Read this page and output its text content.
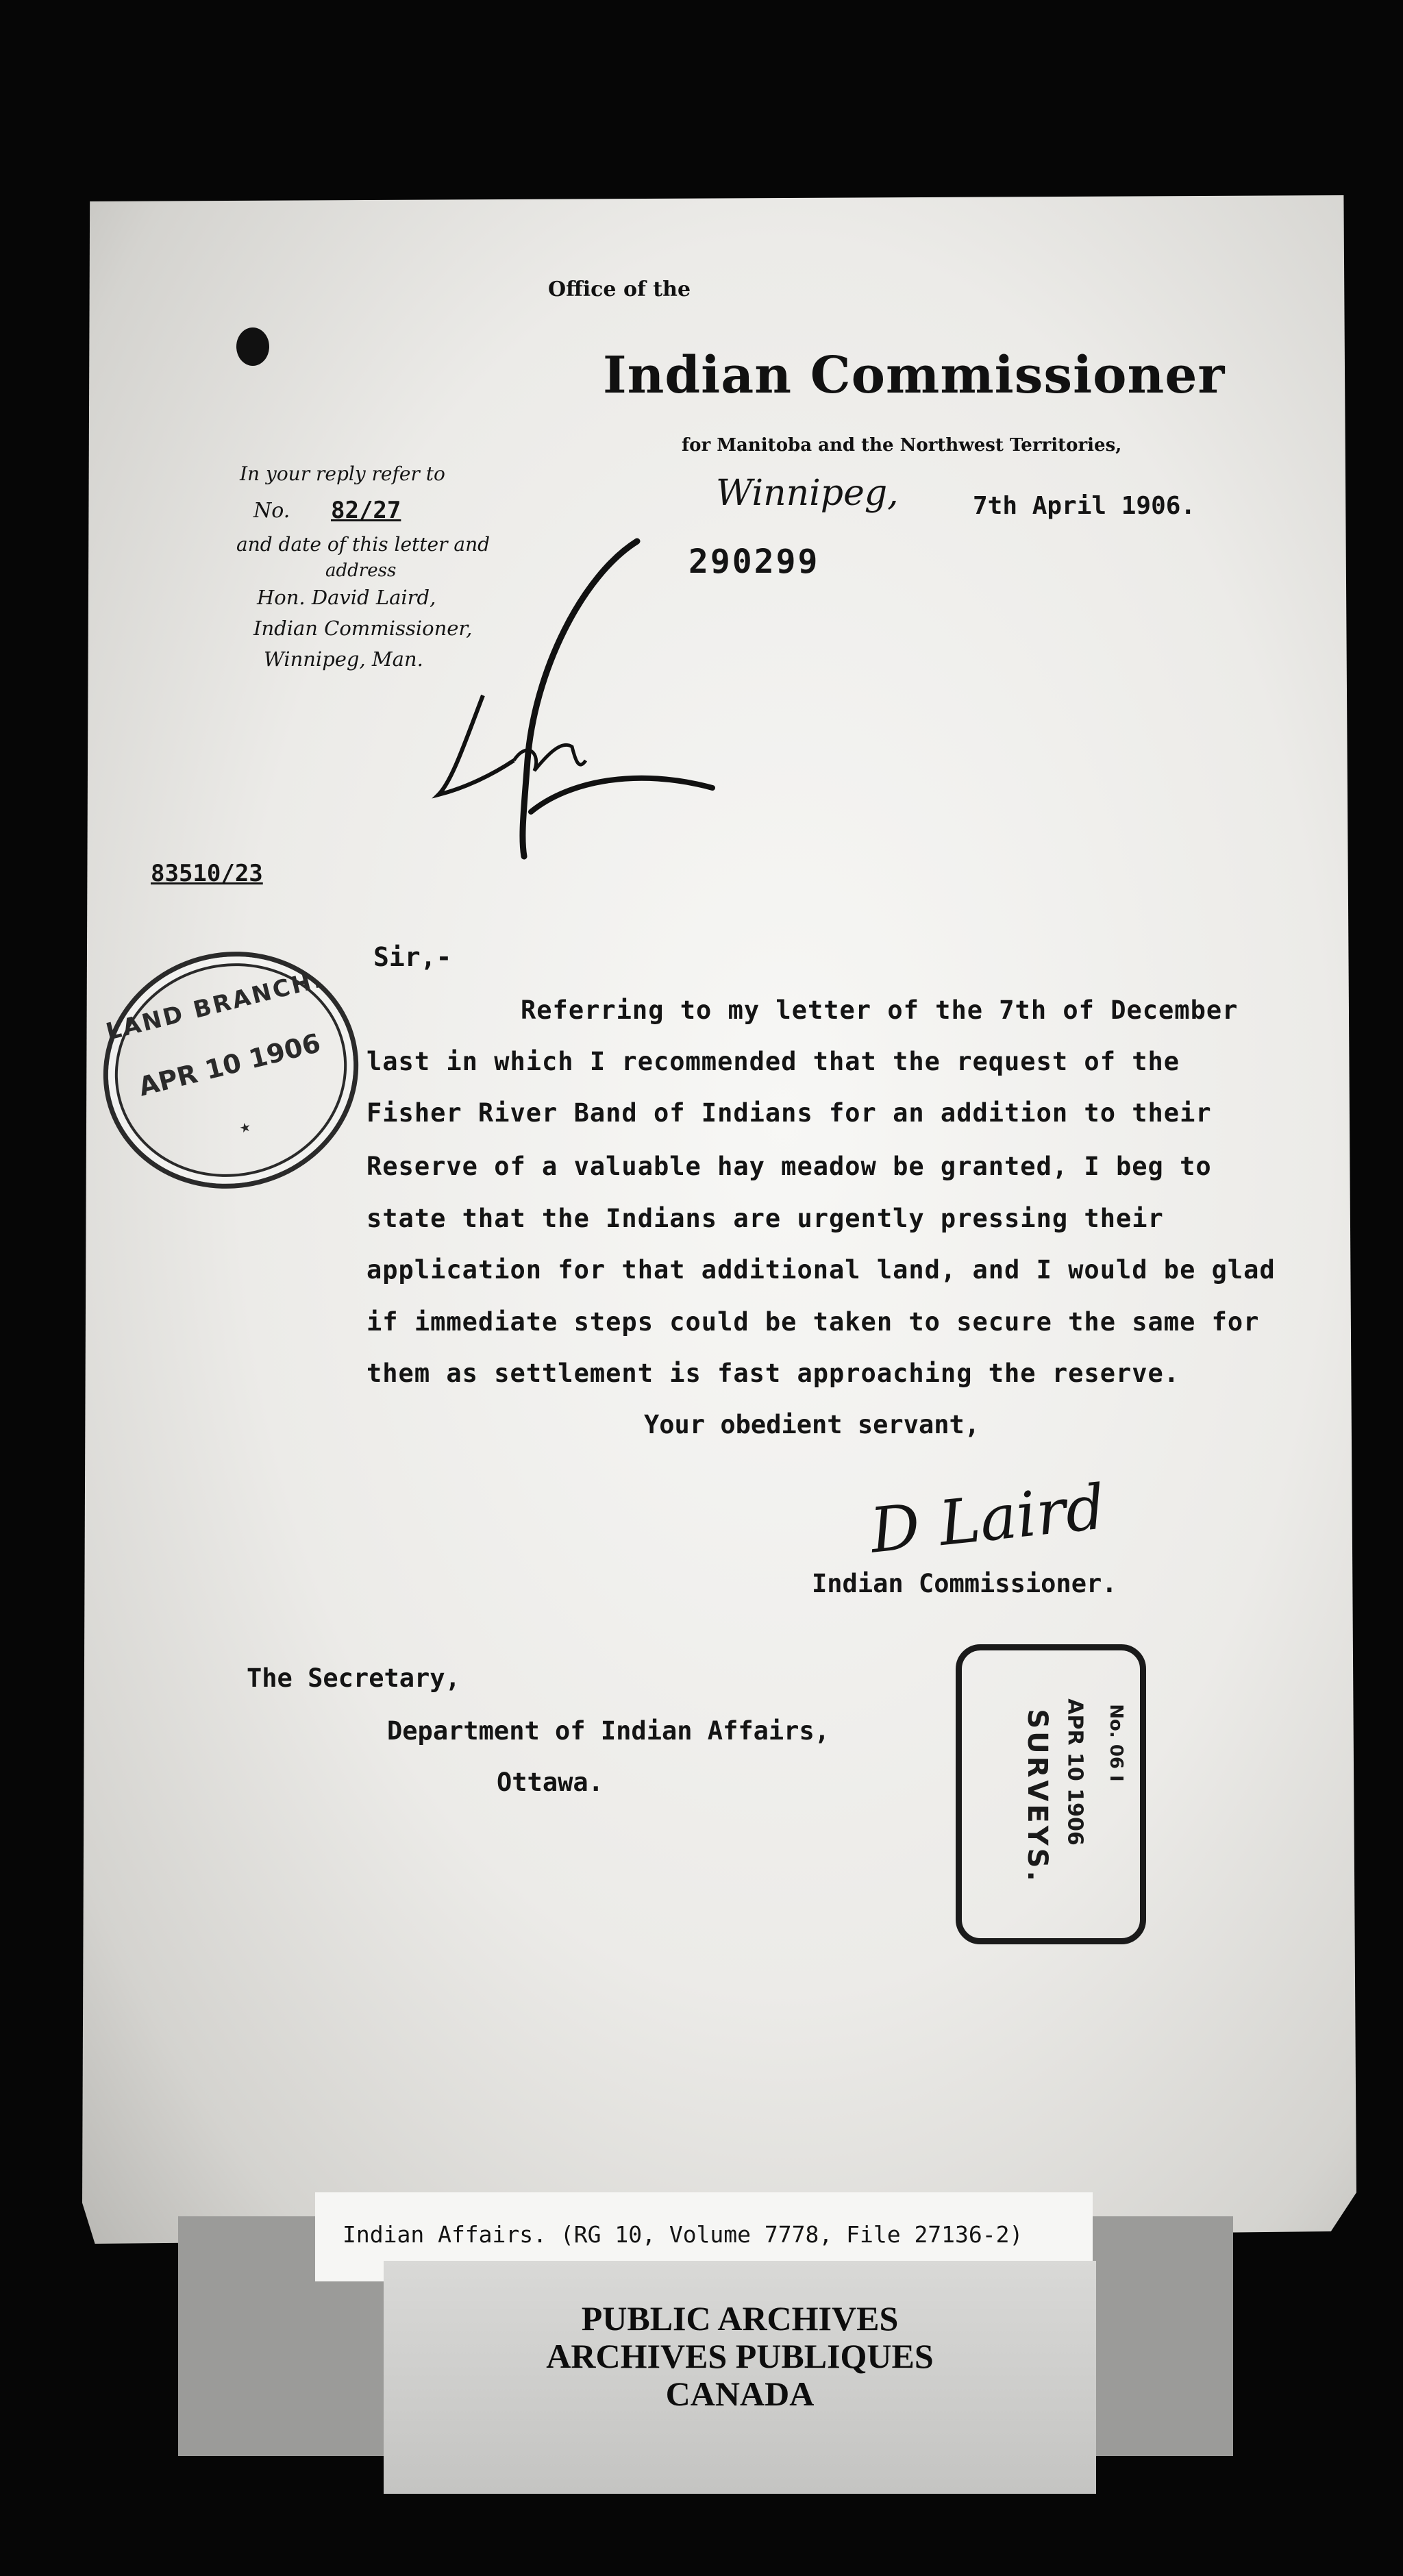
Office of the
Indian Commissioner
for Manitoba and the Northwest Territories,
Winnipeg,	7th April 1906.
290299
In your reply refer to
No. 82/27
and date of this letter and
address
Hon. David Laird,
Indian Commissioner,
Winnipeg, Man.
83510/23
LAND BRANCH.
APR 10 1906
★
Sir,-
Referring to my letter of the 7th of December
last in which I recommended that the request of the
Fisher River Band of Indians for an addition to their
Reserve of a valuable hay meadow be granted, I beg to
state that the Indians are urgently pressing their
application for that additional land, and I would be glad
if immediate steps could be taken to secure the same for
them as settlement is fast approaching the reserve.
Your obedient servant,
D Laird
Indian Commissioner.
The Secretary,
Department of Indian Affairs,
Ottawa.	SURVEYS. APR 10 1906 No. 06 I
Indian Affairs. (RG 10, Volume 7778, File 27136-2)
PUBLIC ARCHIVES
ARCHIVES PUBLIQUES
CANADA
